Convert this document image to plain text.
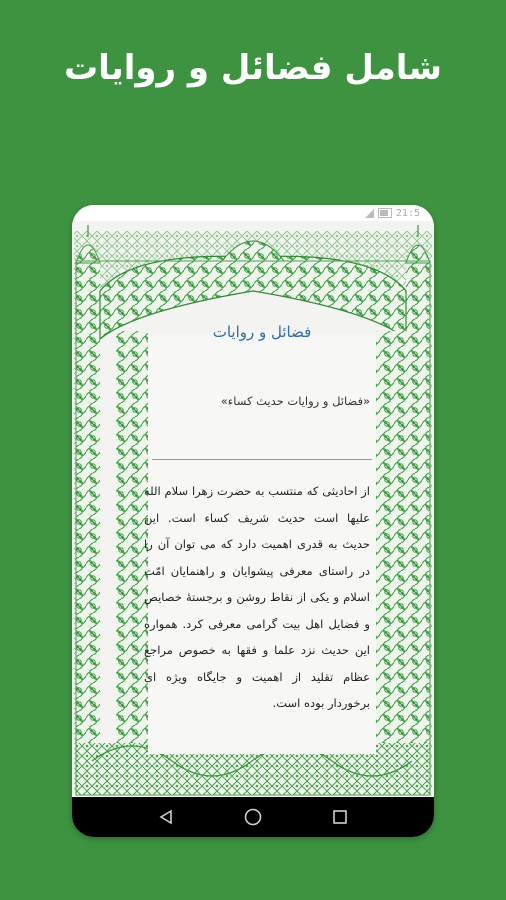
شامل فضائل و روایات
21:5
فضائل و روایات
«فضائل و روایات حدیث کساء»
از احادیثی که منتسب به حضرت زهرا سلام الله علیها است حدیث شریف کساء است. این حدیث به قدری اهمیت دارد که می توان آن را در راستای معرفی پیشوایان و راهنمایان امّت اسلام و یکی از نقاط روشن و برجستهٔ خصایص و فضایل اهل بیت گرامی معرفی کرد. همواره این حدیث نزد علما و فقها به خصوص مراجع عظام تقلید از اهمیت و جایگاه ویژه ای برخوردار بوده است.
